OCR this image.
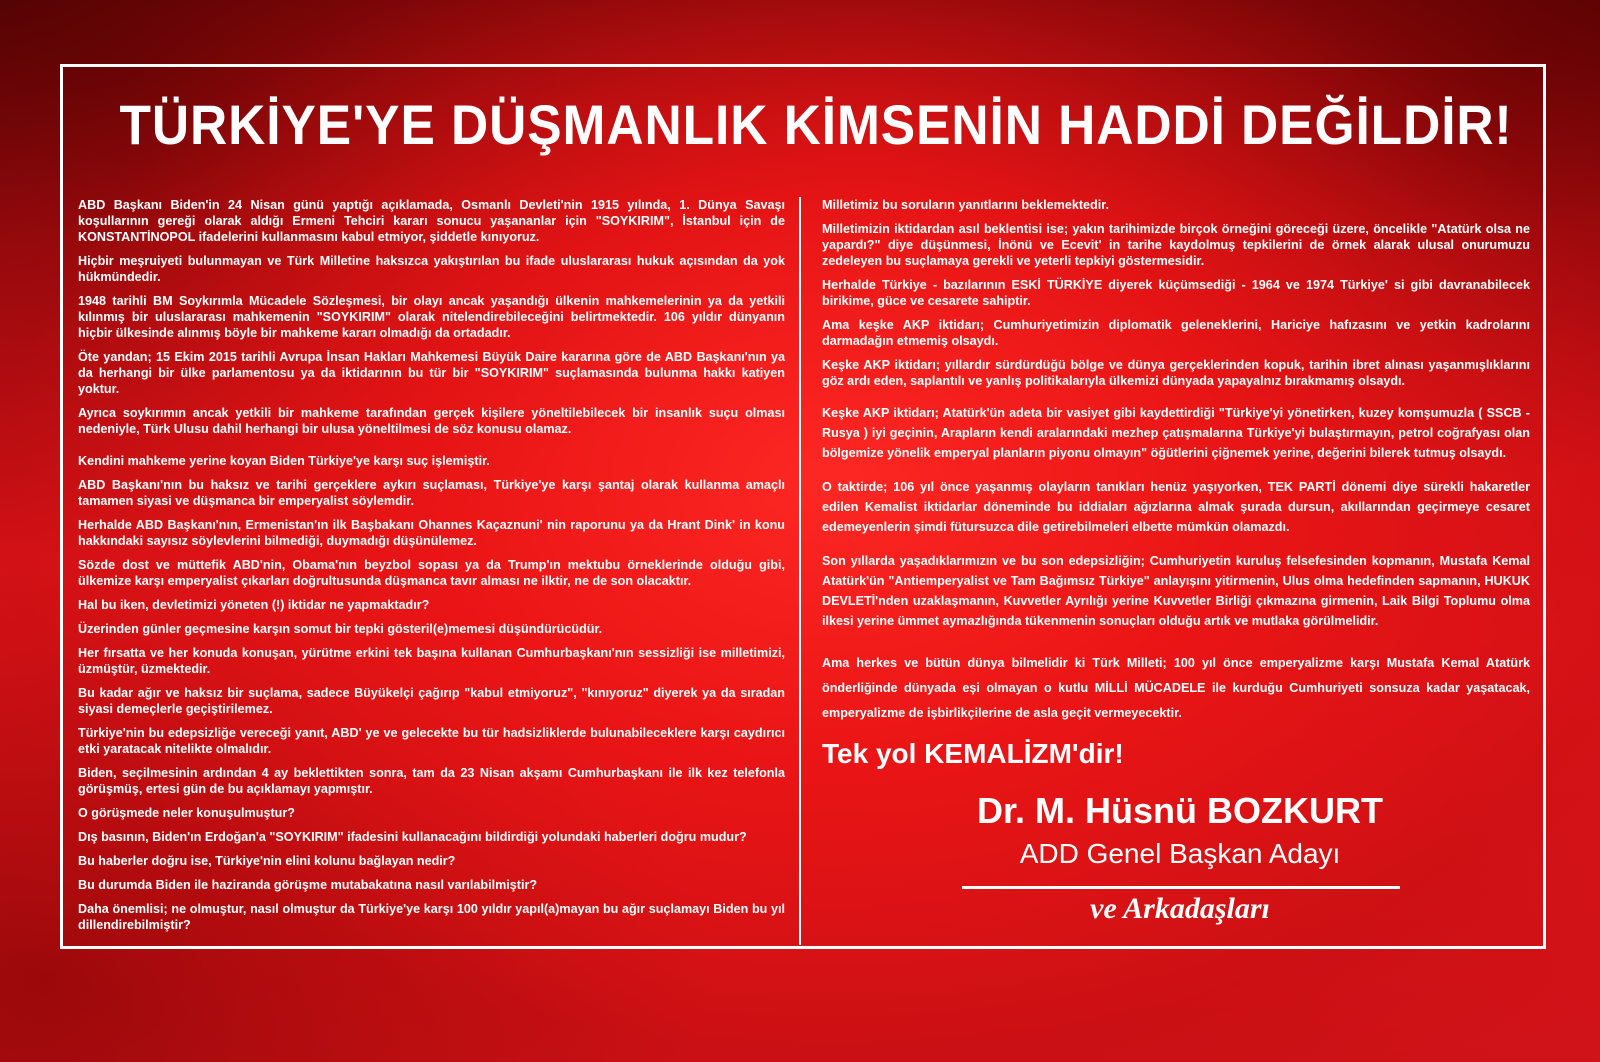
TÜRKİYE'YE DÜŞMANLIK KİMSENİN HADDİ DEĞİLDİR!

ABD Başkanı Biden'in 24 Nisan günü yaptığı açıklamada, Osmanlı Devleti'nin 1915 yılında, 1. Dünya Savaşı koşullarının gereği olarak aldığı Ermeni Tehciri kararı sonucu yaşananlar için "SOYKIRIM", İstanbul için de KONSTANTİNOPOL ifadelerini kullanmasını kabul etmiyor, şiddetle kınıyoruz.

Hiçbir meşruiyeti bulunmayan ve Türk Milletine haksızca yakıştırılan bu ifade uluslararası hukuk açısından da yok hükmündedir.

1948 tarihli BM Soykırımla Mücadele Sözleşmesi, bir olayı ancak yaşandığı ülkenin mahkemelerinin ya da yetkili kılınmış bir uluslararası mahkemenin "SOYKIRIM" olarak nitelendirebileceğini belirtmektedir. 106 yıldır dünyanın hiçbir ülkesinde alınmış böyle bir mahkeme kararı olmadığı da ortadadır.

Öte yandan; 15 Ekim 2015 tarihli Avrupa İnsan Hakları Mahkemesi Büyük Daire kararına göre de ABD Başkanı'nın ya da herhangi bir ülke parlamentosu ya da iktidarının bu tür bir "SOYKIRIM" suçlamasında bulunma hakkı katiyen yoktur.

Ayrıca soykırımın ancak yetkili bir mahkeme tarafından gerçek kişilere yöneltilebilecek bir insanlık suçu olması nedeniyle, Türk Ulusu dahil herhangi bir ulusa yöneltilmesi de söz konusu olamaz.

Kendini mahkeme yerine koyan Biden Türkiye'ye karşı suç işlemiştir.

ABD Başkanı'nın bu haksız ve tarihi gerçeklere aykırı suçlaması, Türkiye'ye karşı şantaj olarak kullanma amaçlı tamamen siyasi ve düşmanca bir emperyalist söylemdir.

Herhalde ABD Başkanı'nın, Ermenistan'ın ilk Başbakanı Ohannes Kaçaznuni' nin raporunu ya da Hrant Dink' in konu hakkındaki sayısız söylevlerini bilmediği, duymadığı düşünülemez.

Sözde dost ve müttefik ABD'nin, Obama'nın beyzbol sopası ya da Trump'ın mektubu örneklerinde olduğu gibi, ülkemize karşı emperyalist çıkarları doğrultusunda düşmanca tavır alması ne ilktir, ne de son olacaktır.

Hal bu iken, devletimizi yöneten (!) iktidar ne yapmaktadır?

Üzerinden günler geçmesine karşın somut bir tepki gösteril(e)memesi düşündürücüdür.

Her fırsatta ve her konuda konuşan, yürütme erkini tek başına kullanan Cumhurbaşkanı'nın sessizliği ise milletimizi, üzmüştür, üzmektedir.

Bu kadar ağır ve haksız bir suçlama, sadece Büyükelçi çağırıp "kabul etmiyoruz", "kınıyoruz" diyerek ya da sıradan siyasi demeçlerle geçiştirilemez.

Türkiye'nin bu edepsizliğe vereceği yanıt, ABD' ye ve gelecekte bu tür hadsizliklerde bulunabileceklere karşı caydırıcı etki yaratacak nitelikte olmalıdır.

Biden, seçilmesinin ardından 4 ay beklettikten sonra, tam da 23 Nisan akşamı Cumhurbaşkanı ile ilk kez telefonla görüşmüş, ertesi gün de bu açıklamayı yapmıştır.

O görüşmede neler konuşulmuştur?

Dış basının, Biden'ın Erdoğan'a "SOYKIRIM" ifadesini kullanacağını bildirdiği yolundaki haberleri doğru mudur?

Bu haberler doğru ise, Türkiye'nin elini kolunu bağlayan nedir?

Bu durumda Biden ile haziranda görüşme mutabakatına nasıl varılabilmiştir?

Daha önemlisi; ne olmuştur, nasıl olmuştur da Türkiye'ye karşı 100 yıldır yapıl(a)mayan bu ağır suçlamayı Biden bu yıl dillendirebilmiştir?

Milletimiz bu soruların yanıtlarını beklemektedir.

Milletimizin iktidardan asıl beklentisi ise; yakın tarihimizde birçok örneğini göreceği üzere, öncelikle "Atatürk olsa ne yapardı?" diye düşünmesi, İnönü ve Ecevit' in tarihe kaydolmuş tepkilerini de örnek alarak ulusal onurumuzu zedeleyen bu suçlamaya gerekli ve yeterli tepkiyi göstermesidir.

Herhalde Türkiye - bazılarının ESKİ TÜRKİYE diyerek küçümsediği - 1964 ve 1974 Türkiye' si gibi davranabilecek birikime, güce ve cesarete sahiptir.

Ama keşke AKP iktidarı; Cumhuriyetimizin diplomatik geleneklerini, Hariciye hafızasını ve yetkin kadrolarını darmadağın etmemiş olsaydı.

Keşke AKP iktidarı; yıllardır sürdürdüğü bölge ve dünya gerçeklerinden kopuk, tarihin ibret alınası yaşanmışlıklarını göz ardı eden, saplantılı ve yanlış politikalarıyla ülkemizi dünyada yapayalnız bırakmamış olsaydı.

Keşke AKP iktidarı; Atatürk'ün adeta bir vasiyet gibi kaydettirdiği "Türkiye'yi yönetirken, kuzey komşumuzla ( SSCB - Rusya ) iyi geçinin, Arapların kendi aralarındaki mezhep çatışmalarına Türkiye'yi bulaştırmayın, petrol coğrafyası olan bölgemize yönelik emperyal planların piyonu olmayın" öğütlerini çiğnemek yerine, değerini bilerek tutmuş olsaydı.

O taktirde; 106 yıl önce yaşanmış olayların tanıkları henüz yaşıyorken, TEK PARTİ dönemi diye sürekli hakaretler edilen Kemalist iktidarlar döneminde bu iddiaları ağızlarına almak şurada dursun, akıllarından geçirmeye cesaret edemeyenlerin şimdi fütursuzca dile getirebilmeleri elbette mümkün olamazdı.

Son yıllarda yaşadıklarımızın ve bu son edepsizliğin; Cumhuriyetin kuruluş felsefesinden kopmanın, Mustafa Kemal Atatürk'ün "Antiemperyalist ve Tam Bağımsız Türkiye" anlayışını yitirmenin, Ulus olma hedefinden sapmanın, HUKUK DEVLETİ'nden uzaklaşmanın, Kuvvetler Ayrılığı yerine Kuvvetler Birliği çıkmazına girmenin, Laik Bilgi Toplumu olma ilkesi yerine ümmet aymazlığında tükenmenin sonuçları olduğu artık ve mutlaka görülmelidir.

Ama herkes ve bütün dünya bilmelidir ki Türk Milleti; 100 yıl önce emperyalizme karşı Mustafa Kemal Atatürk önderliğinde dünyada eşi olmayan o kutlu MİLLİ MÜCADELE ile kurduğu Cumhuriyeti sonsuza kadar yaşatacak, emperyalizme de işbirlikçilerine de asla geçit vermeyecektir.

Tek yol KEMALİZM'dir!

Dr. M. Hüsnü BOZKURT

ADD Genel Başkan Adayı

ve Arkadaşları
